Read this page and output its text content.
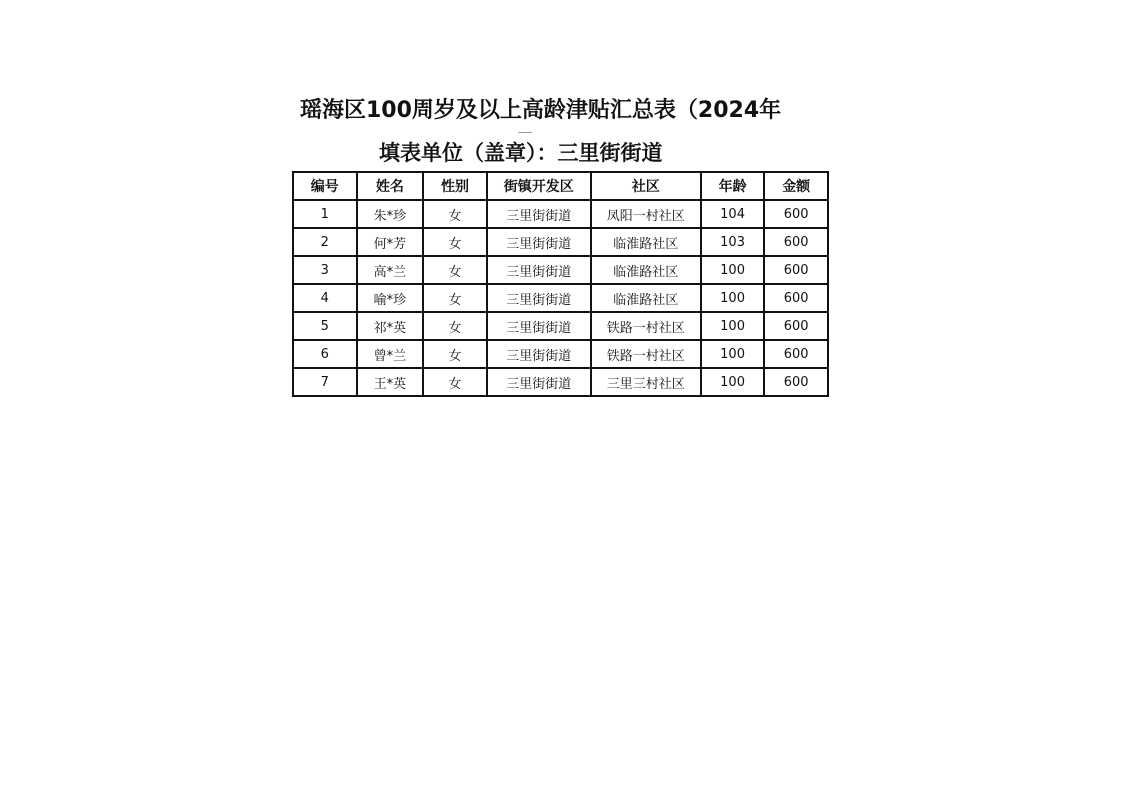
瑶海区100周岁及以上高龄津贴汇总表（2024年
填表单位（盖章）：三里街街道
编号	姓名	性别	街镇开发区	社区	年龄	金额
1	朱*珍	女	三里街街道	凤阳一村社区	104	600
2	何*芳	女	三里街街道	临淮路社区	103	600
3	高*兰	女	三里街街道	临淮路社区	100	600
4	喻*珍	女	三里街街道	临淮路社区	100	600
5	祁*英	女	三里街街道	铁路一村社区	100	600
6	曾*兰	女	三里街街道	铁路一村社区	100	600
7	王*英	女	三里街街道	三里三村社区	100	600
